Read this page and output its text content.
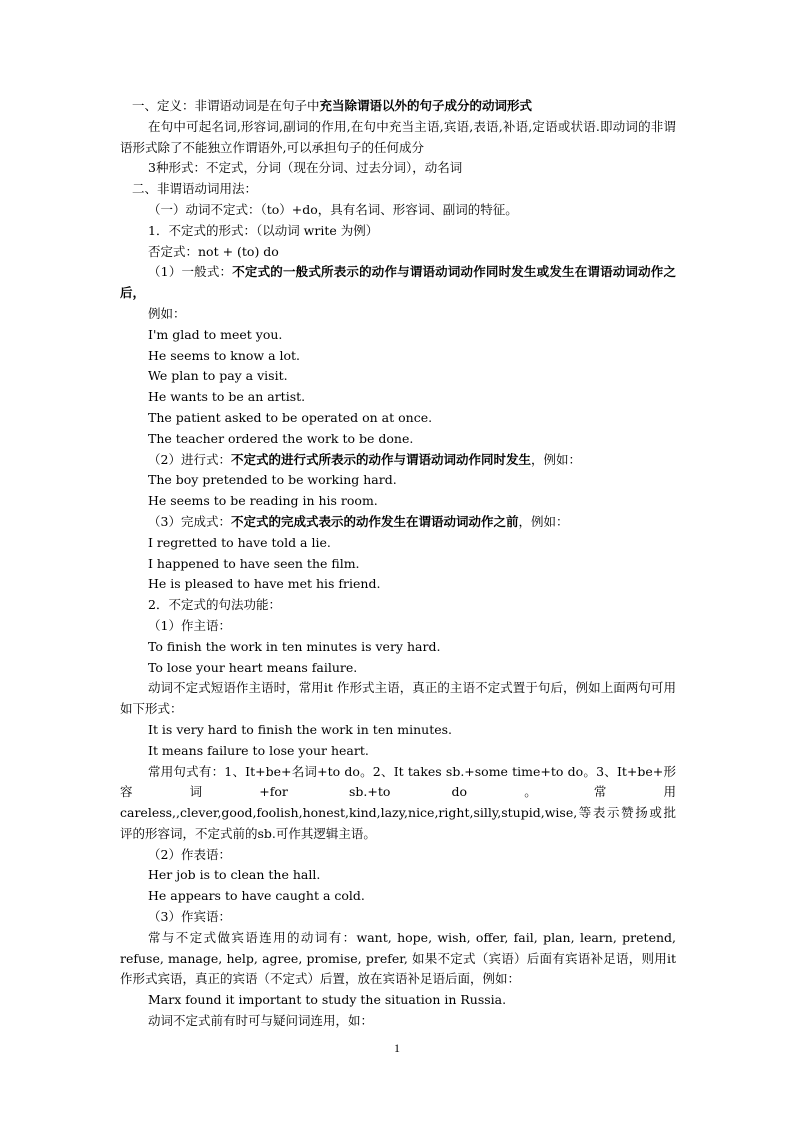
一、定义：非谓语动词是在句子中充当除谓语以外的句子成分的动词形式
在句中可起名词,形容词,副词的作用,在句中充当主语,宾语,表语,补语,定语或状语.即动词的非谓语形式除了不能独立作谓语外,可以承担句子的任何成分
3种形式：不定式，分词（现在分词、过去分词），动名词
二、非谓语动词用法：
（一）动词不定式：（to）+do，具有名词、形容词、副词的特征。
1．不定式的形式：（以动词 write 为例）
否定式：not + (to) do
（1）一般式：不定式的一般式所表示的动作与谓语动词动作同时发生或发生在谓语动词动作之后，
例如：
I'm glad to meet you.
He seems to know a lot.
We plan to pay a visit.
He wants to be an artist.
The patient asked to be operated on at once.
The teacher ordered the work to be done.
（2）进行式：不定式的进行式所表示的动作与谓语动词动作同时发生，例如：
The boy pretended to be working hard.
He seems to be reading in his room.
（3）完成式：不定式的完成式表示的动作发生在谓语动词动作之前，例如：
I regretted to have told a lie.
I happened to have seen the film.
He is pleased to have met his friend.
2．不定式的句法功能：
（1）作主语：
To finish the work in ten minutes is very hard.
To lose your heart means failure.
动词不定式短语作主语时，常用it 作形式主语，真正的主语不定式置于句后，例如上面两句可用如下形式：
It is very hard to finish the work in ten minutes.
It means failure to lose your heart.
常用句式有：1、It+be+名词+to do。2、It takes sb.+some time+to do。3、It+be+形容词+for sb.+to do。常用 careless,,clever,good,foolish,honest,kind,lazy,nice,right,silly,stupid,wise,等表示赞扬或批评的形容词，不定式前的sb.可作其逻辑主语。
（2）作表语：
Her job is to clean the hall.
He appears to have caught a cold.
（3）作宾语：
常与不定式做宾语连用的动词有：want, hope, wish, offer, fail, plan, learn, pretend, refuse, manage, help, agree, promise, prefer, 如果不定式（宾语）后面有宾语补足语，则用it 作形式宾语，真正的宾语（不定式）后置，放在宾语补足语后面，例如：
Marx found it important to study the situation in Russia.
动词不定式前有时可与疑问词连用，如：
1
